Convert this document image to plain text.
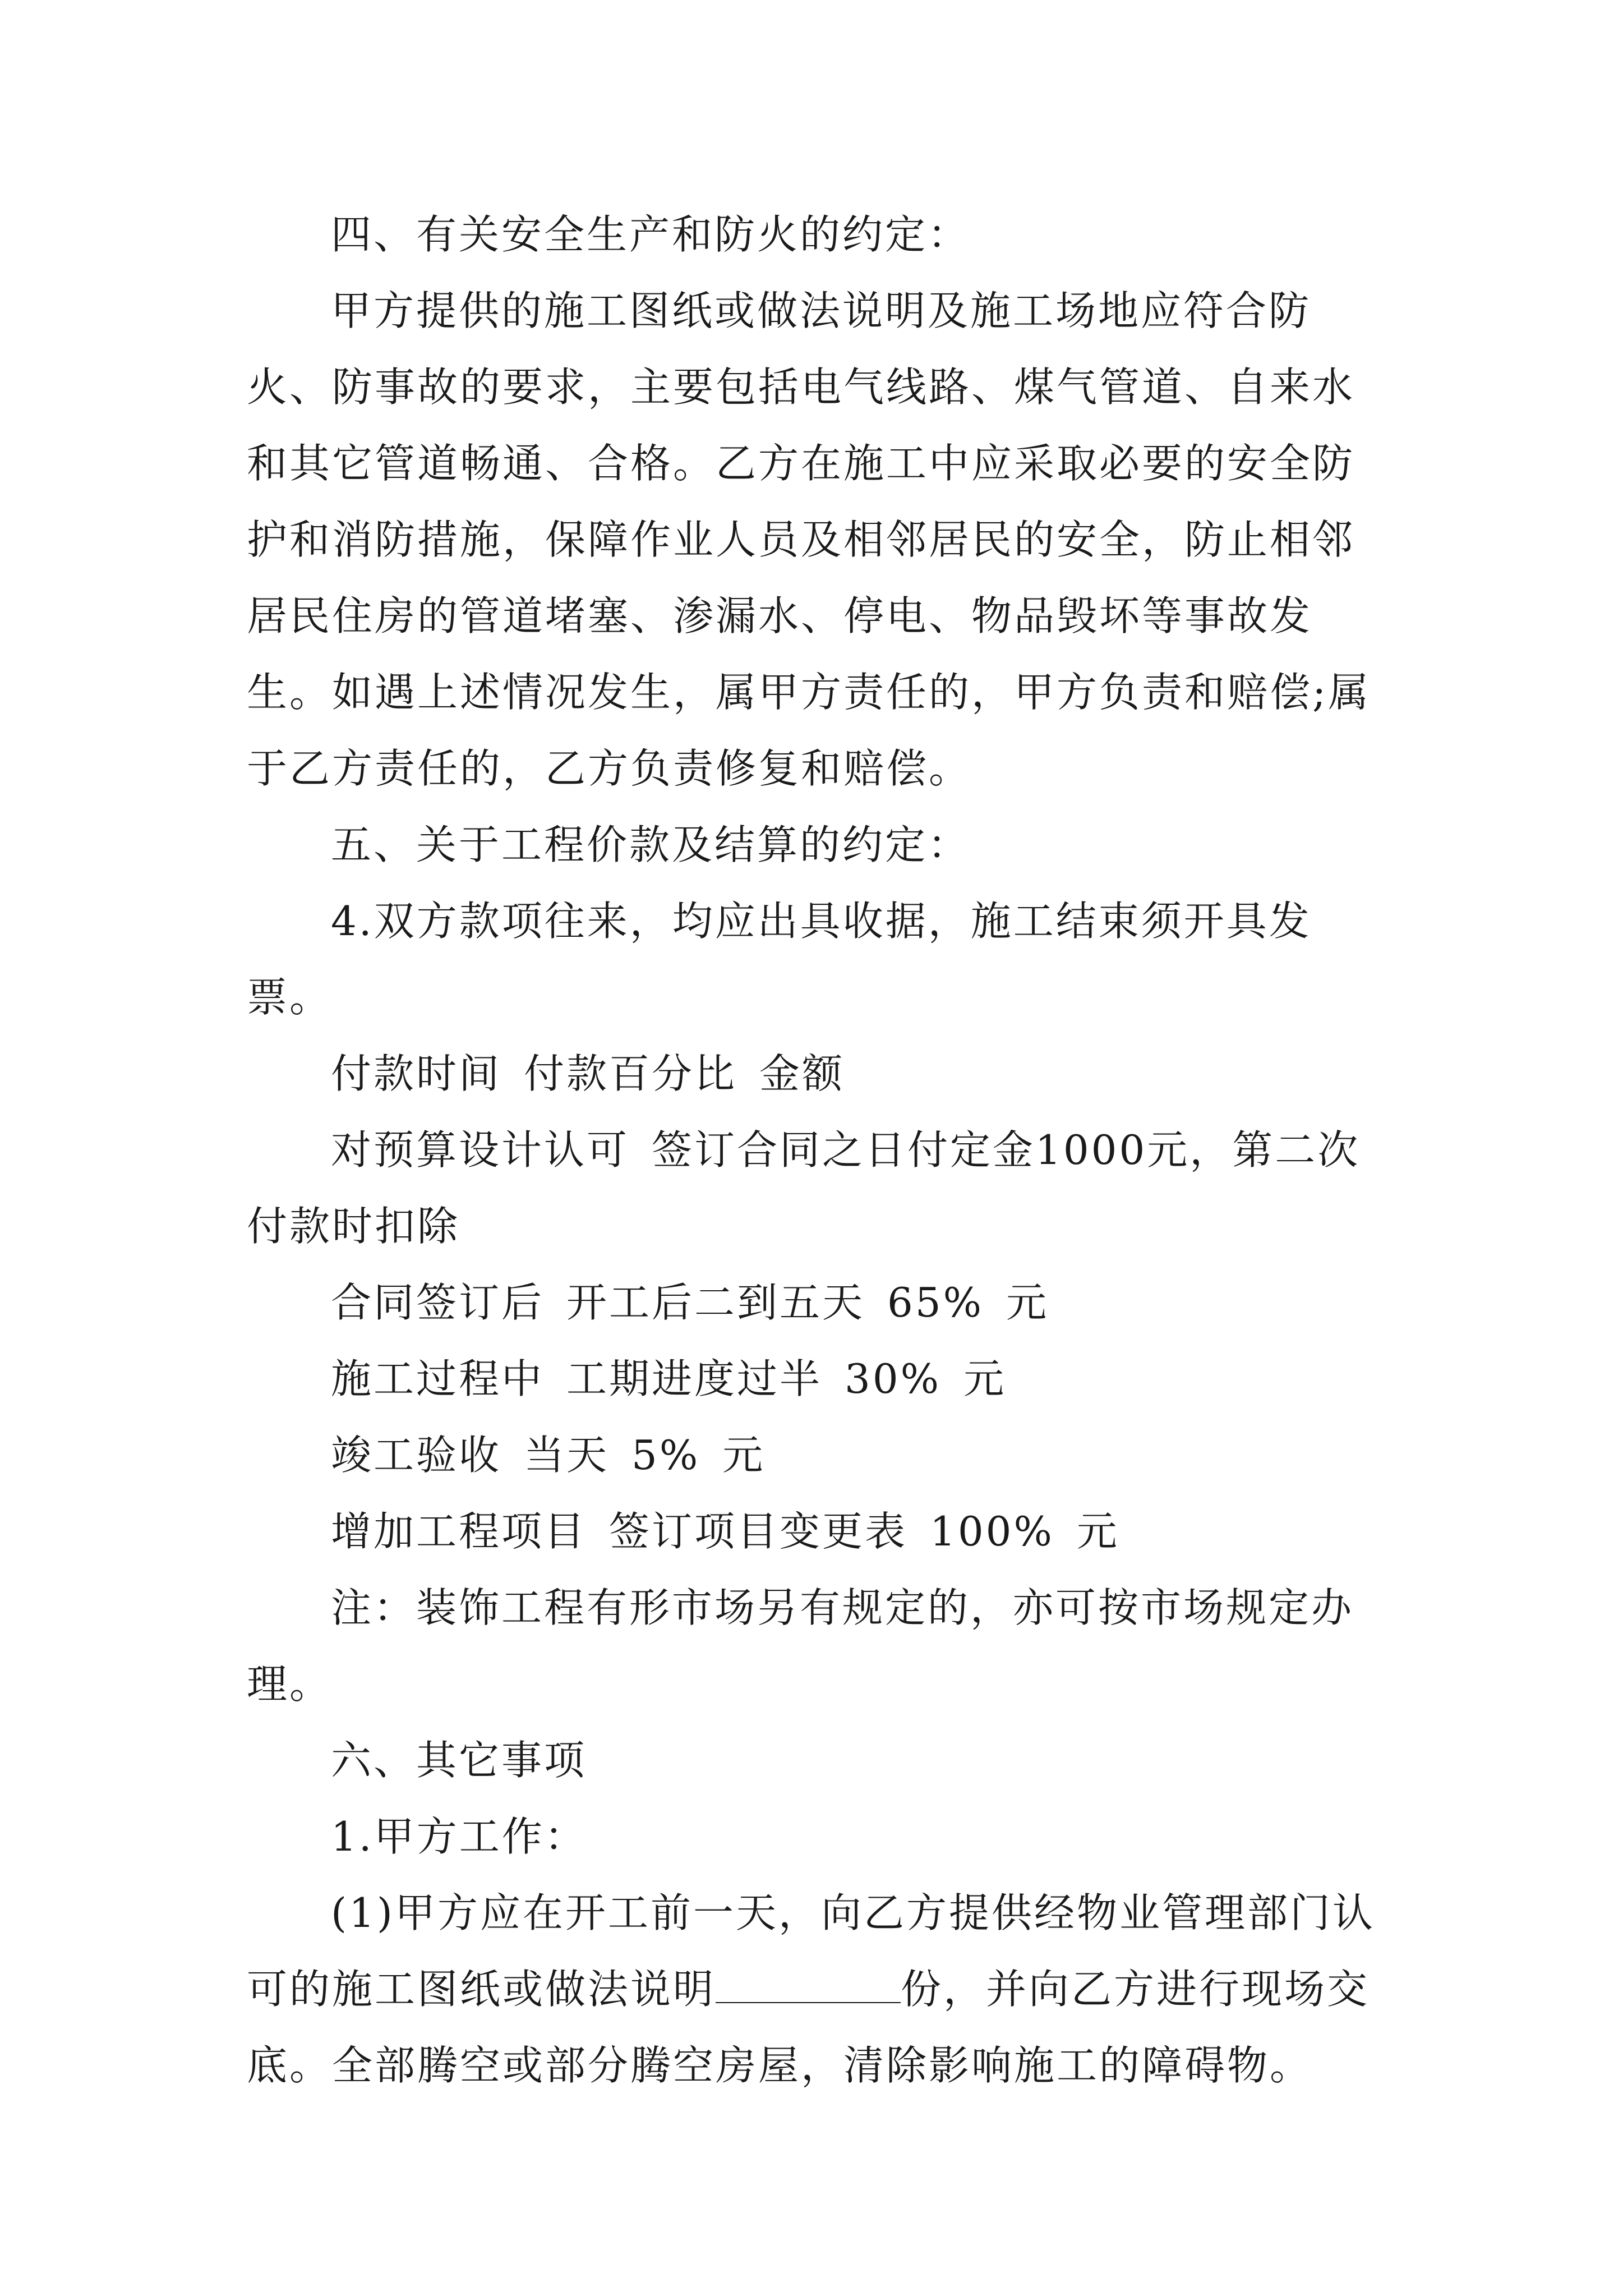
四、有关安全生产和防火的约定：

甲方提供的施工图纸或做法说明及施工场地应符合防火、防事故的要求，主要包括电气线路、煤气管道、自来水和其它管道畅通、合格。乙方在施工中应采取必要的安全防护和消防措施，保障作业人员及相邻居民的安全，防止相邻居民住房的管道堵塞、渗漏水、停电、物品毁坏等事故发生。如遇上述情况发生，属甲方责任的，甲方负责和赔偿;属于乙方责任的，乙方负责修复和赔偿。

五、关于工程价款及结算的约定：

4.双方款项往来，均应出具收据，施工结束须开具发票。

付款时间 付款百分比 金额

对预算设计认可 签订合同之日付定金1000元，第二次付款时扣除

合同签订后 开工后二到五天 65% 元

施工过程中 工期进度过半 30% 元

竣工验收 当天 5% 元

增加工程项目 签订项目变更表 100% 元

注：装饰工程有形市场另有规定的，亦可按市场规定办理。

六、其它事项

1.甲方工作：

(1)甲方应在开工前一天，向乙方提供经物业管理部门认可的施工图纸或做法说明	份，并向乙方进行现场交底。全部腾空或部分腾空房屋，清除影响施工的障碍物。
